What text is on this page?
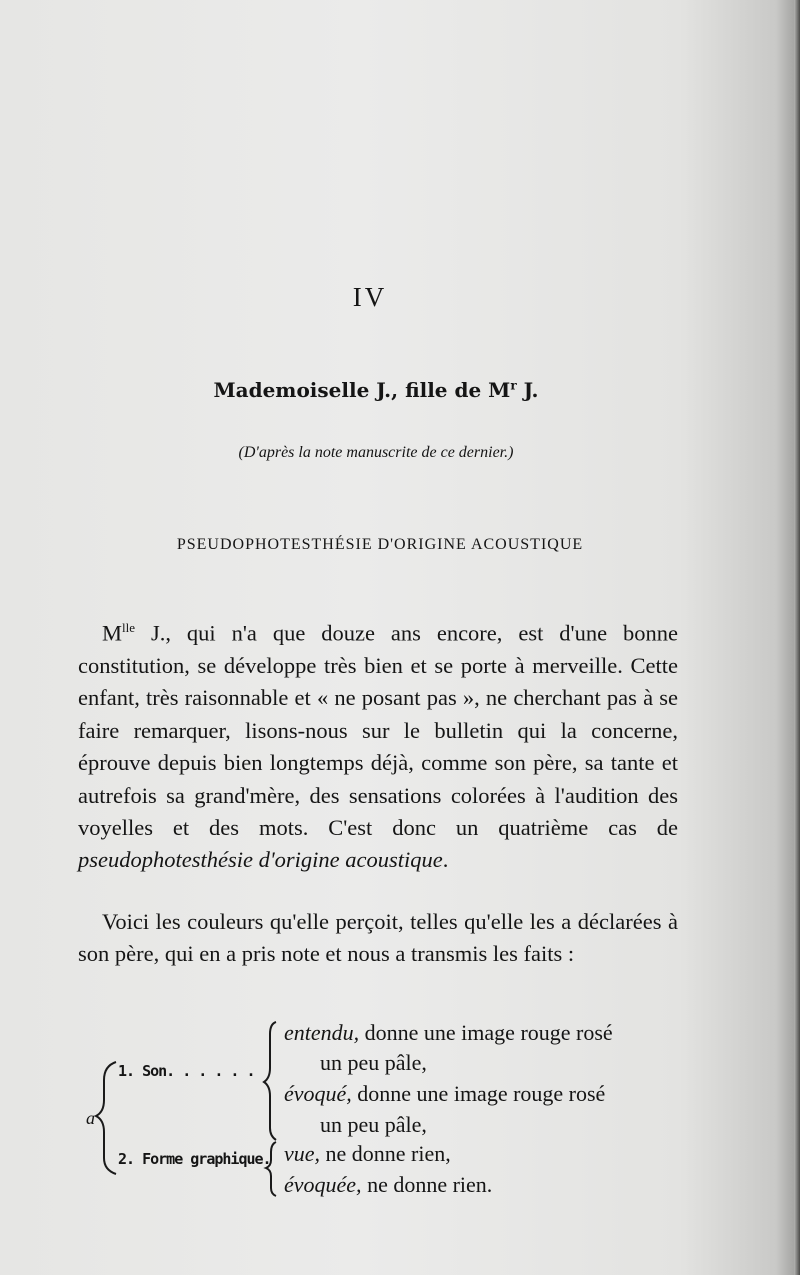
IV
Mademoiselle J., fille de $M^r$ J.
(D'après la note manuscrite de ce dernier.)
PSEUDOPHOTESTHÉSIE D'ORIGINE ACOUSTIQUE
$M^{lle}$ J., qui n'a que douze ans encore, est d'une bonne constitution, se développe très bien et se porte à merveille. Cette enfant, très raisonnable et « ne posant pas », ne cherchant pas à se faire remarquer, lisons-nous sur le bulletin qui la concerne, éprouve depuis bien longtemps déjà, comme son père, sa tante et autrefois sa grand'mère, des sensations colorées à l'audition des voyelles et des mots. C'est donc un quatrième cas de pseudophotesthésie d'origine acoustique.
Voici les couleurs qu'elle perçoit, telles qu'elle les a déclarées à son père, qui en a pris note et nous a transmis les faits :
a
1. Son. . . . . .
2. Forme graphique.
entendu, donne une image rouge rosé
un peu pâle,
évoqué, donne une image rouge rosé
un peu pâle,
vue, ne donne rien,
évoquée, ne donne rien.
